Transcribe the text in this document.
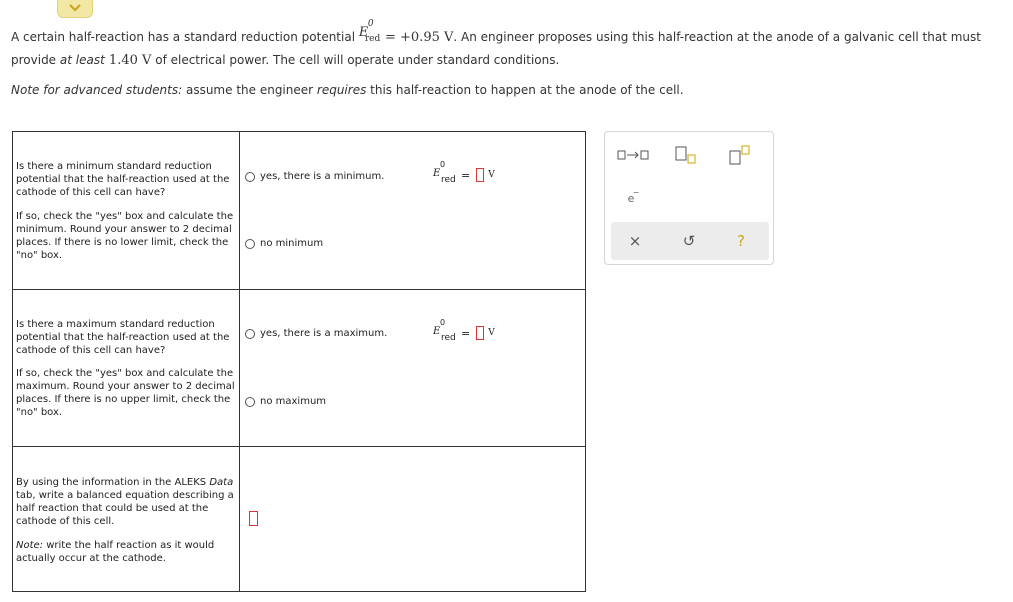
A certain half-reaction has a standard reduction potential E
0
red = +0.95 V. An engineer proposes using this half-reaction at the anode of a galvanic cell that must
provide at least 1.40 V of electrical power. The cell will operate under standard conditions.
Note for advanced students: assume the engineer requires this half-reaction to happen at the anode of the cell.

Is there a minimum standard reduction potential that the half-reaction used at the cathode of this cell can have?

If so, check the "yes" box and calculate the minimum. Round your answer to 2 decimal places. If there is no lower limit, check the "no" box.

yes, there is a minimum.
no minimum
E
0
red = V

Is there a maximum standard reduction potential that the half-reaction used at the cathode of this cell can have?

If so, check the "yes" box and calculate the maximum. Round your answer to 2 decimal places. If there is no upper limit, check the "no" box.

yes, there is a maximum.
no maximum
E
0
red = V

By using the information in the ALEKS Data tab, write a balanced equation describing a half reaction that could be used at the cathode of this cell.

Note: write the half reaction as it would actually occur at the cathode.

e
−
×	↺	?
